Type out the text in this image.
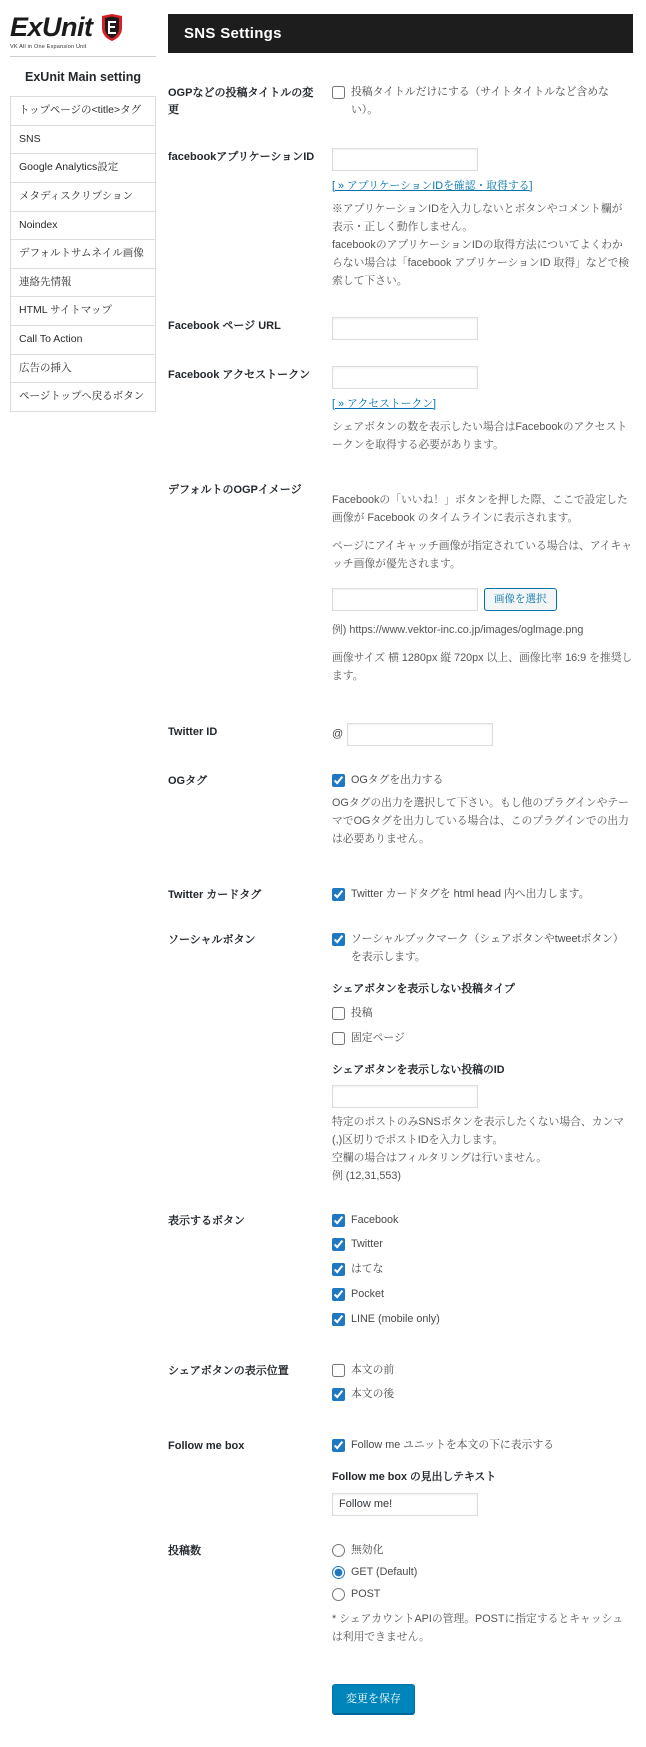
ExUnit
VK All in One Expansion Unit
ExUnit Main setting
トップページの<title>タグ
SNS
Google Analytics設定
メタディスクリプション
Noindex
デフォルトサムネイル画像
連絡先情報
HTML サイトマップ
Call To Action
広告の挿入
ページトップへ戻るボタン
SNS Settings
OGPなどの投稿タイトルの変更	投稿タイトルだけにする（サイトタイトルなど含めない）。

facebookアプリケーションID	[ » アプリケーションIDを確認・取得する]

※アプリケーションIDを入力しないとボタンやコメント欄が表示・正しく動作しません。

facebookのアプリケーションIDの取得方法についてよくわからない場合は「facebook アプリケーションID 取得」などで検索して下さい。

Facebook ページ URL	
Facebook アクセストークン	[ » アクセストークン]

シェアボタンの数を表示したい場合はFacebookのアクセストークンを取得する必要があります。

デフォルトのOGPイメージ	Facebookの「いいね！」ボタンを押した際、ここで設定した画像が Facebook のタイムラインに表示されます。

ページにアイキャッチ画像が指定されている場合は、アイキャッチ画像が優先されます。

画像を選択

例) https://www.vektor-inc.co.jp/images/oglmage.png

画像サイズ 横 1280px 縦 720px 以上、画像比率 16:9 を推奨します。

Twitter ID	@

OGタグ	OGタグを出力する

OGタグの出力を選択して下さい。もし他のプラグインやテーマでOGタグを出力している場合は、このプラグインでの出力は必要ありません。

Twitter カードタグ	Twitter カードタグを html head 内へ出力します。

ソーシャルボタン	ソーシャルブックマーク（シェアボタンやtweetボタン）を表示します。
シェアボタンを表示しない投稿タイプ
投稿
固定ページ
シェアボタンを表示しない投稿のID

特定のポストのみSNSボタンを表示したくない場合、カンマ(,)区切りでポストIDを入力します。

空欄の場合はフィルタリングは行いません。

例 (12,31,553)

表示するボタン	Facebook
Twitter
はてな
Pocket
LINE (mobile only)

シェアボタンの表示位置	本文の前
本文の後

Follow me box	Follow me ユニットを本文の下に表示する
Follow me box の見出しテキスト
Follow me!
投稿数	無効化
GET (Default)
POST

* シェアカウントAPIの管理。POSTに指定するとキャッシュは利用できません。

	変更を保存
